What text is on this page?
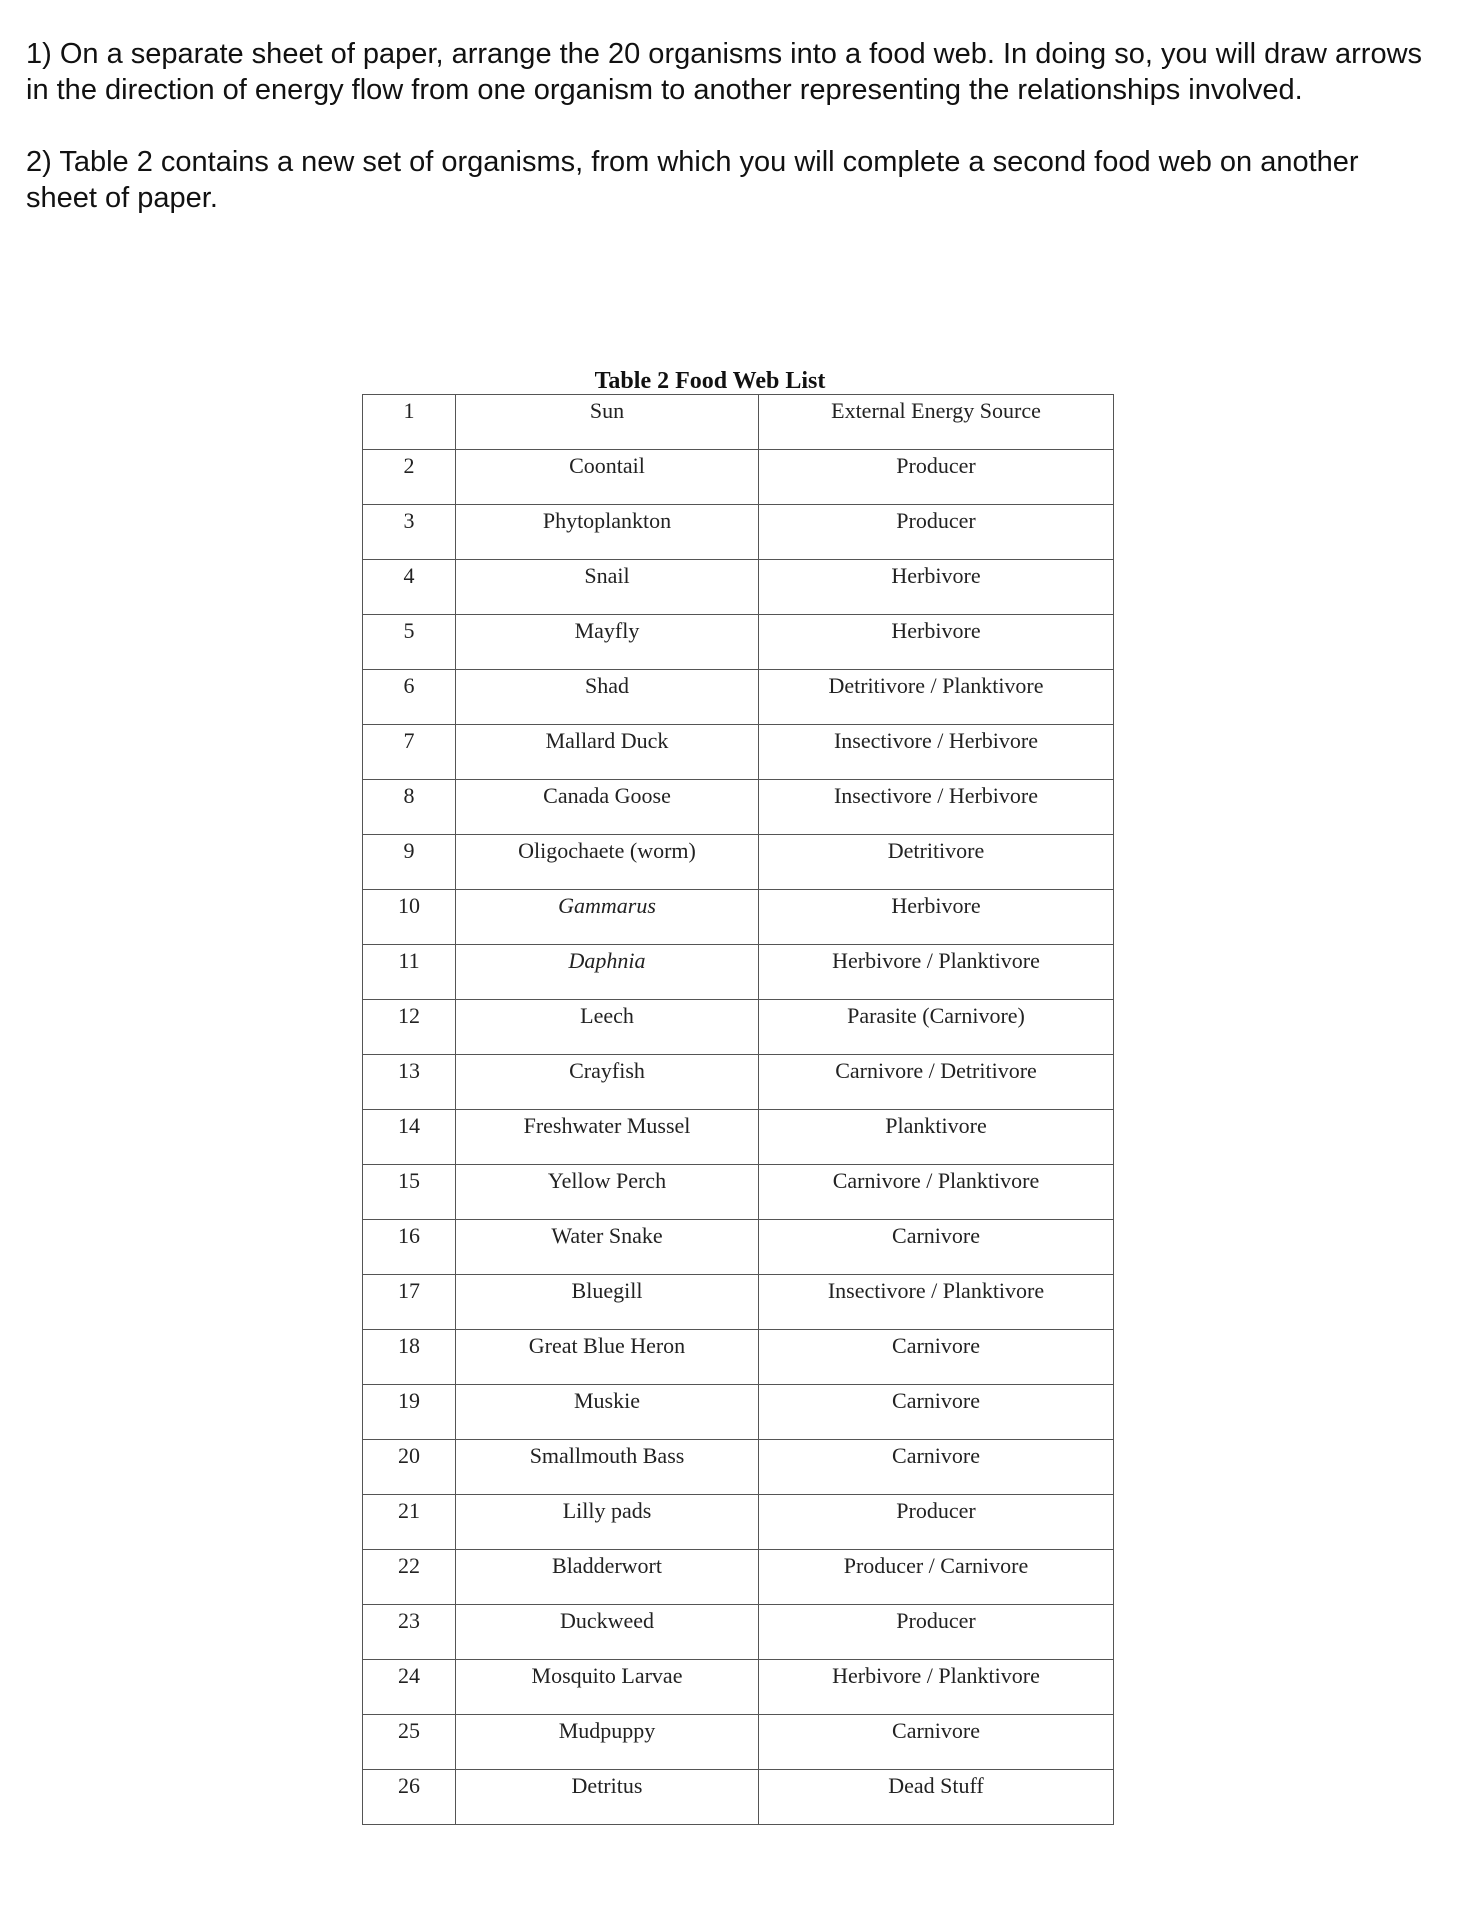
1) On a separate sheet of paper, arrange the 20 organisms into a food web. In doing so, you will draw arrows in the direction of energy flow from one organism to another representing the relationships involved.

2) Table 2 contains a new set of organisms, from which you will complete a second food web on another sheet of paper.

Table 2 Food Web List
1	Sun	External Energy Source
2	Coontail	Producer
3	Phytoplankton	Producer
4	Snail	Herbivore
5	Mayfly	Herbivore
6	Shad	Detritivore / Planktivore
7	Mallard Duck	Insectivore / Herbivore
8	Canada Goose	Insectivore / Herbivore
9	Oligochaete (worm)	Detritivore
10	Gammarus	Herbivore
11	Daphnia	Herbivore / Planktivore
12	Leech	Parasite (Carnivore)
13	Crayfish	Carnivore / Detritivore
14	Freshwater Mussel	Planktivore
15	Yellow Perch	Carnivore / Planktivore
16	Water Snake	Carnivore
17	Bluegill	Insectivore / Planktivore
18	Great Blue Heron	Carnivore
19	Muskie	Carnivore
20	Smallmouth Bass	Carnivore
21	Lilly pads	Producer
22	Bladderwort	Producer / Carnivore
23	Duckweed	Producer
24	Mosquito Larvae	Herbivore / Planktivore
25	Mudpuppy	Carnivore
26	Detritus	Dead Stuff
